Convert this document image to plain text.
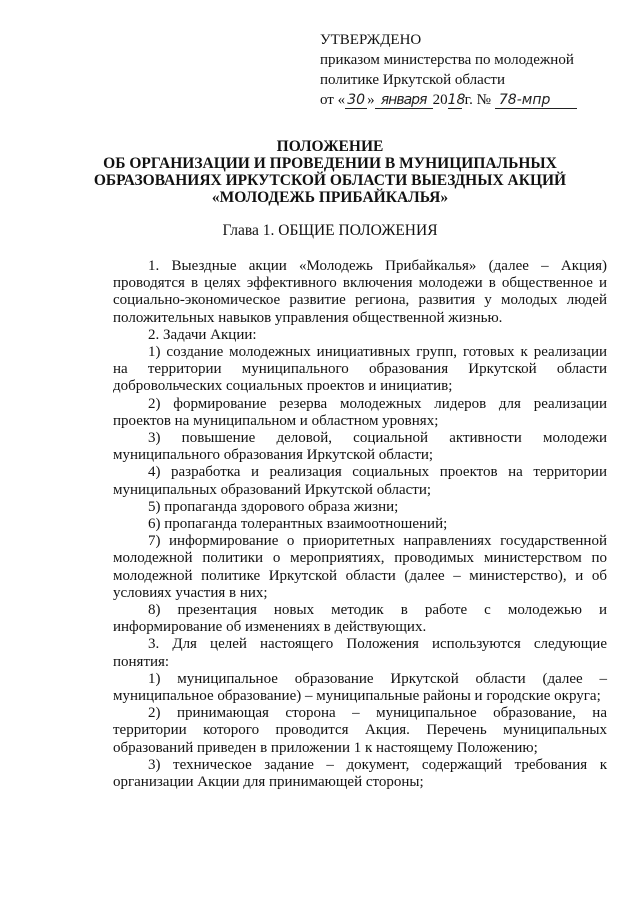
УТВЕРЖДЕНО
приказом министерства по молодежной
политике Иркутской области
от « 30 » января 20 18 г. № 78-мпр
ПОЛОЖЕНИЕ
ОБ ОРГАНИЗАЦИИ И ПРОВЕДЕНИИ В МУНИЦИПАЛЬНЫХ
ОБРАЗОВАНИЯХ ИРКУТСКОЙ ОБЛАСТИ ВЫЕЗДНЫХ АКЦИЙ
«МОЛОДЕЖЬ ПРИБАЙКАЛЬЯ»
Глава 1. ОБЩИЕ ПОЛОЖЕНИЯ

1. Выездные акции «Молодежь Прибайкалья» (далее – Акция) проводятся в целях эффективного включения молодежи в общественное и социально-экономическое развитие региона, развития у молодых людей положительных навыков управления общественной жизнью.

2. Задачи Акции:

1) создание молодежных инициативных групп, готовых к реализации на территории муниципального образования Иркутской области добровольческих социальных проектов и инициатив;

2) формирование резерва молодежных лидеров для реализации проектов на муниципальном и областном уровнях;

3) повышение деловой, социальной активности молодежи муниципального образования Иркутской области;

4) разработка и реализация социальных проектов на территории муниципальных образований Иркутской области;

5) пропаганда здорового образа жизни;

6) пропаганда толерантных взаимоотношений;

7) информирование о приоритетных направлениях государственной молодежной политики о мероприятиях, проводимых министерством по молодежной политике Иркутской области (далее – министерство), и об условиях участия в них;

8) презентация новых методик в работе с молодежью и информирование об изменениях в действующих.

3. Для целей настоящего Положения используются следующие понятия:

1) муниципальное образование Иркутской области (далее – муниципальное образование) – муниципальные районы и городские округа;

2) принимающая сторона – муниципальное образование, на территории которого проводится Акция. Перечень муниципальных образований приведен в приложении 1 к настоящему Положению;

3) техническое задание – документ, содержащий требования к организации Акции для принимающей стороны;
